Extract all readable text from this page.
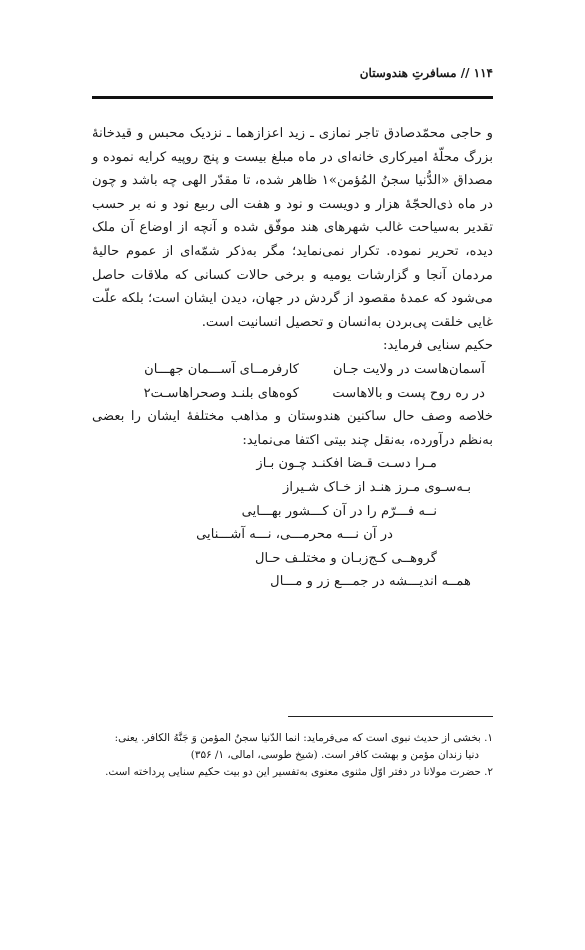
۱۱۴ // مسافرتِ هندوستان

و حاجی محمّدصادق تاجر نمازی ـ زید اعزازهما ـ نزدیک محبس و قیدخانهٔ بزرگ محلّهٔ امیرکاری خانه‌ای در ماه مبلغ بیست و پنج روپیه کرایه نموده و مصداق «الدُّنیا سجنُ المُؤمن»۱ ظاهر شده، تا مقدّر الهی چه باشد و چون در ماه ذی‌الحجّهٔ هزار و دویست و نود و هفت الی ربیع نود و نه بر حسب تقدیر به‌سیاحت غالب شهرهای هند موفّق شده و آنچه از اوضاع آن ملک دیده، تحریر نموده. تکرار نمی‌نماید؛ مگر به‌ذکر شمّه‌ای از عموم حالیهٔ مردمان آنجا و گزارشات یومیه و برخی حالات کسانی که ملاقات حاصل می‌شود که عمدهٔ مقصود از گردش در جهان، دیدن ایشان است؛ بلکه علّت غایی خلقت پی‌بردن به‌انسان و تحصیل انسانیت است.

حکیم سنایی فرماید:

آسمان‌هاست در ولایت جـان
کارفرمــای آســـمان جهـــان
در ره روح پست و بالاهاست
کوه‌های بلنـد وصحراهاسـت۲

خلاصه وصف حال ساکنین هندوستان و مذاهب مختلفهٔ ایشان را بعضی به‌نظم درآورده، به‌نقل چند بیتی اکتفا می‌نماید:

مـرا دسـت قـضا افکنـد چـون بـاز
بـه‌سـوی مـرز هنـد از خـاک شـیراز
نــه فـــرّم را در آن کـــشور بهـــایی
در آن نـــه محرمـــی، نـــه آشـــنایی
گروهــی کـج‌زبـان و مختلـف حـال
همــه اندیـــشه در جمـــع زر و مـــال

۱. بخشی از حدیث نبوی است که می‌فرماید: انما الدّنیا سجنُ المؤمن وَ جَنَّهُ الکافر. یعنی:

دنیا زندان مؤمن و بهشت کافر است. (شیخ طوسی، امالی، ۱/ ۳۵۶)

۲. حضرت مولانا در دفتر اوّل مثنوی معنوی به‌تفسیر این دو بیت حکیم سنایی پرداخته است.
